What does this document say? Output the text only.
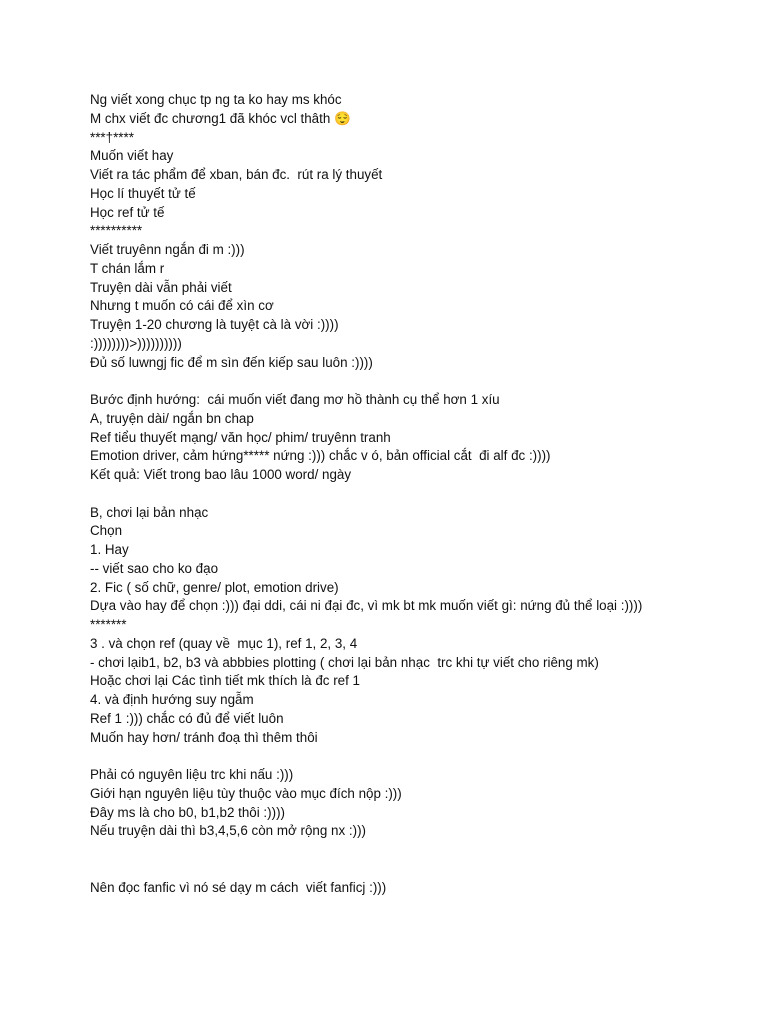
Ng viết xong chục tp ng ta ko hay ms khóc
M chx viết đc chương1 đã khóc vcl thâth 😌
***†****
Muốn viết hay
Viết ra tác phẩm để xban, bán đc.  rút ra lý thuyết
Học lí thuyết tử tế
Học ref tử tế
**********
Viết truyênn ngắn đi m :)))
T chán lắm r
Truyện dài vẫn phải viết
Nhưng t muốn có cái để xìn cơ
Truyện 1-20 chương là tuyệt cà là vời :))))
:))))))))>))))))))))
Đủ số luwngj fic để m sìn đến kiếp sau luôn :))))
Bước định hướng:  cái muốn viết đang mơ hồ thành cụ thể hơn 1 xíu
A, truyện dài/ ngắn bn chap
Ref tiểu thuyết mạng/ văn học/ phim/ truyênn tranh
Emotion driver, cảm hứng***** nứng :))) chắc v ó, bản official cắt  đi alf đc :))))
Kết quả: Viết trong bao lâu 1000 word/ ngày
B, chơi lại bản nhạc
Chọn
1. Hay
-- viết sao cho ko đạo
2. Fic ( số chữ, genre/ plot, emotion drive)
Dựa vào hay để chọn :))) đại ddi, cái ni đại đc, vì mk bt mk muốn viết gì: nứng đủ thể loại :))))
*******
3 . và chọn ref (quay về  mục 1), ref 1, 2, 3, 4
- chơi lạib1, b2, b3 và abbbies plotting ( chơi lại bản nhạc  trc khi tự viết cho riêng mk)
Hoặc chơi lại Các tình tiết mk thích là đc ref 1
4. và định hướng suy ngẫm
Ref 1 :))) chắc có đủ để viết luôn
Muốn hay hơn/ tránh đoạ thì thêm thôi
Phải có nguyên liệu trc khi nấu :)))
Giới hạn nguyên liệu tùy thuộc vào mục đích nộp :)))
Đây ms là cho b0, b1,b2 thôi :))))
Nếu truyện dài thì b3,4,5,6 còn mở rộng nx :)))
Nên đọc fanfic vì nó sé dạy m cách  viết fanficj :)))
